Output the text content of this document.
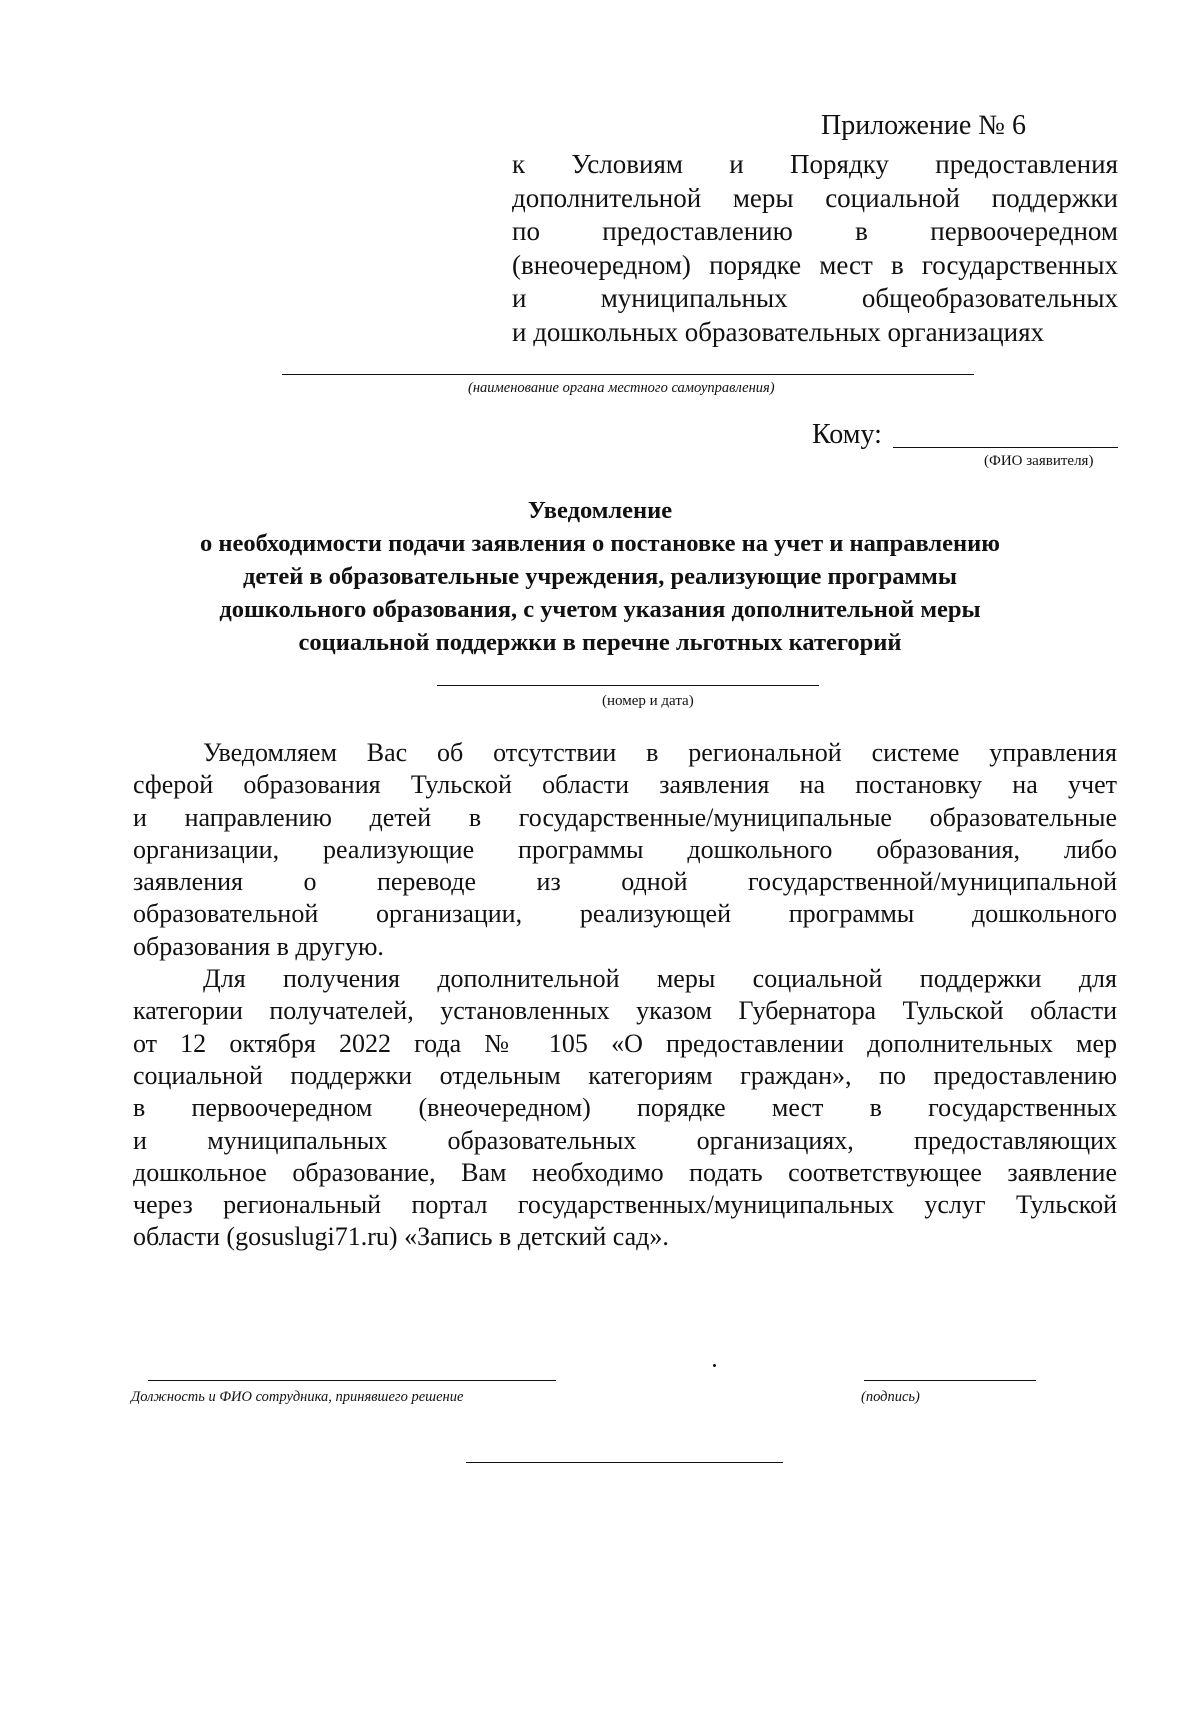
Приложение № 6
к Условиям и Порядку предоставления
дополнительной меры социальной поддержки
по предоставлению в первоочередном
(внеочередном) порядке мест в государственных
и муниципальных общеобразовательных
и дошкольных образовательных организациях
(наименование органа местного самоуправления)
Кому:
(ФИО заявителя)
Уведомление
о необходимости подачи заявления о постановке на учет и направлению
детей в образовательные учреждения, реализующие программы
дошкольного образования, с учетом указания дополнительной меры
социальной поддержки в перечне льготных категорий
(номер и дата)
Уведомляем Вас об отсутствии в региональной системе управления
сферой образования Тульской области заявления на постановку на учет
и направлению детей в государственные/муниципальные образовательные
организации, реализующие программы дошкольного образования, либо
заявления о переводе из одной государственной/муниципальной
образовательной организации, реализующей программы дошкольного
образования в другую.
Для получения дополнительной меры социальной поддержки для
категории получателей, установленных указом Губернатора Тульской области
от 12 октября 2022 года № 105 «О предоставлении дополнительных мер
социальной поддержки отдельным категориям граждан», по предоставлению
в первоочередном (внеочередном) порядке мест в государственных
и муниципальных образовательных организациях, предоставляющих
дошкольное образование, Вам необходимо подать соответствующее заявление
через региональный портал государственных/муниципальных услуг Тульской
области (gosuslugi71.ru) «Запись в детский сад».
Должность и ФИО сотрудника, принявшего решение	(подпись)
